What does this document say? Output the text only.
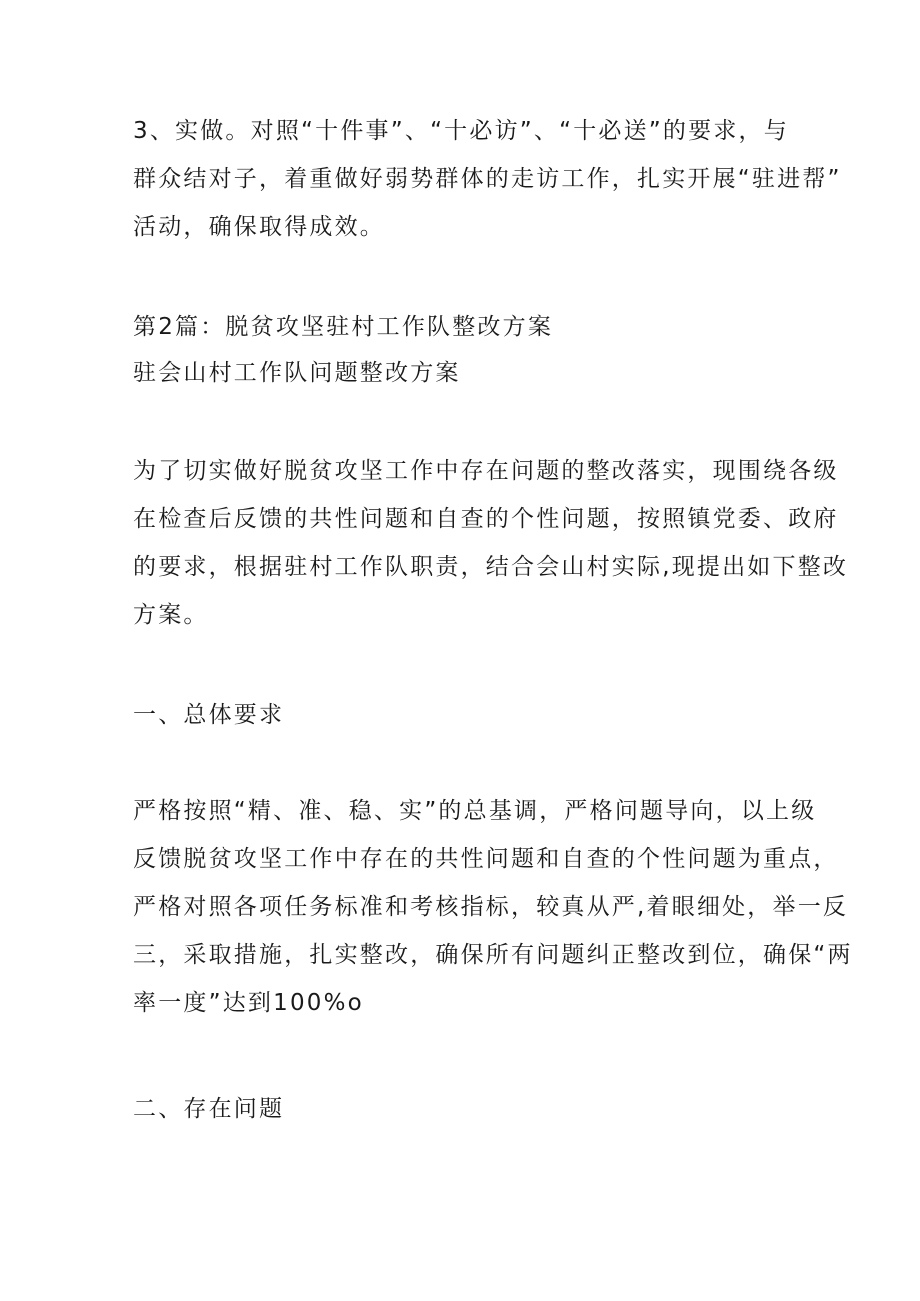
3、实做。对照“十件事”、“十必访”、“十必送”的要求，与
群众结对子，着重做好弱势群体的走访工作，扎实开展“驻进帮”
活动，确保取得成效。
第2篇：脱贫攻坚驻村工作队整改方案
驻会山村工作队问题整改方案
为了切实做好脱贫攻坚工作中存在问题的整改落实，现围绕各级
在检查后反馈的共性问题和自查的个性问题，按照镇党委、政府
的要求，根据驻村工作队职责，结合会山村实际,现提出如下整改
方案。
一、总体要求
严格按照“精、准、稳、实”的总基调，严格问题导向，以上级
反馈脱贫攻坚工作中存在的共性问题和自查的个性问题为重点，
严格对照各项任务标准和考核指标，较真从严,着眼细处，举一反
三，采取措施，扎实整改，确保所有问题纠正整改到位，确保“两
率一度”达到100%o
二、存在问题
